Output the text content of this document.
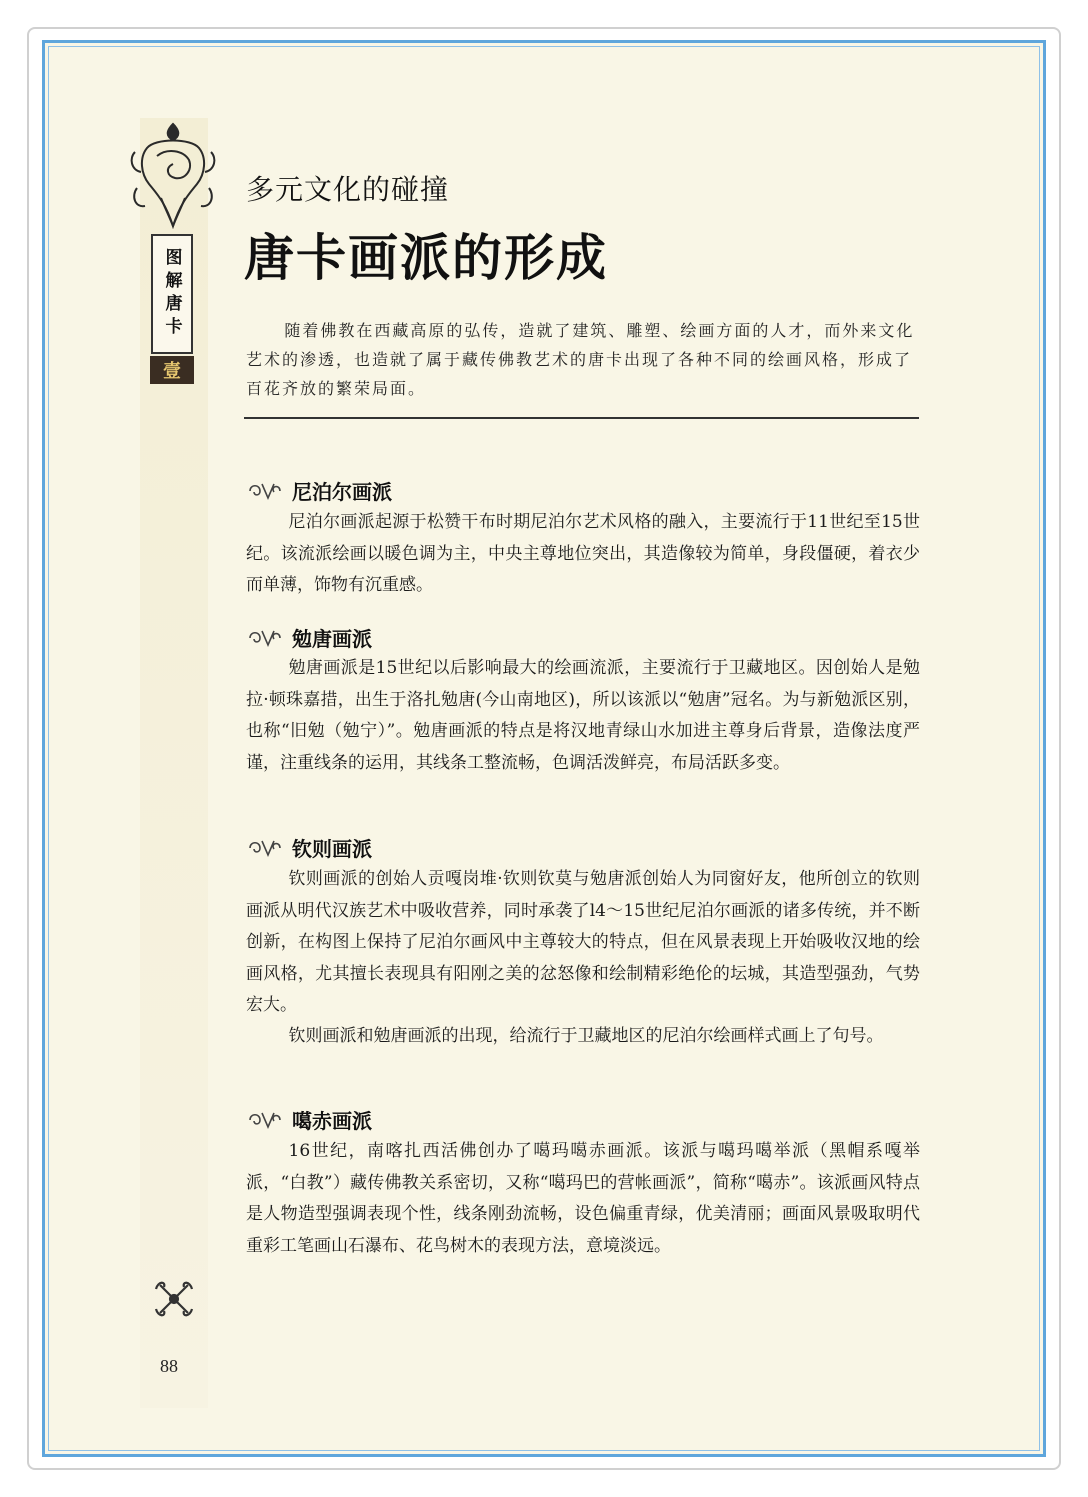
图解唐卡
壹
88
多元文化的碰撞
唐卡画派的形成
随着佛教在西藏高原的弘传，造就了建筑、雕塑、绘画方面的人才，而外来文化艺术的渗透，也造就了属于藏传佛教艺术的唐卡出现了各种不同的绘画风格，形成了百花齐放的繁荣局面。
尼泊尔画派
尼泊尔画派起源于松赞干布时期尼泊尔艺术风格的融入，主要流行于11世纪至15世纪。该流派绘画以暖色调为主，中央主尊地位突出，其造像较为简单，身段僵硬，着衣少而单薄，饰物有沉重感。
勉唐画派
勉唐画派是15世纪以后影响最大的绘画流派，主要流行于卫藏地区。因创始人是勉拉·顿珠嘉措，出生于洛扎勉唐(今山南地区)，所以该派以“勉唐”冠名。为与新勉派区别，也称“旧勉（勉宁）”。勉唐画派的特点是将汉地青绿山水加进主尊身后背景，造像法度严谨，注重线条的运用，其线条工整流畅，色调活泼鲜亮，布局活跃多变。
钦则画派
钦则画派的创始人贡嘎岗堆·钦则钦莫与勉唐派创始人为同窗好友，他所创立的钦则画派从明代汉族艺术中吸收营养，同时承袭了l4～15世纪尼泊尔画派的诸多传统，并不断创新，在构图上保持了尼泊尔画风中主尊较大的特点，但在风景表现上开始吸收汉地的绘画风格，尤其擅长表现具有阳刚之美的忿怒像和绘制精彩绝伦的坛城，其造型强劲，气势宏大。
钦则画派和勉唐画派的出现，给流行于卫藏地区的尼泊尔绘画样式画上了句号。
噶赤画派
16世纪，南喀扎西活佛创办了噶玛噶赤画派。该派与噶玛噶举派（黑帽系嘎举派，“白教”）藏传佛教关系密切，又称“噶玛巴的营帐画派”，简称“噶赤”。该派画风特点是人物造型强调表现个性，线条刚劲流畅，设色偏重青绿，优美清丽；画面风景吸取明代重彩工笔画山石瀑布、花鸟树木的表现方法，意境淡远。
